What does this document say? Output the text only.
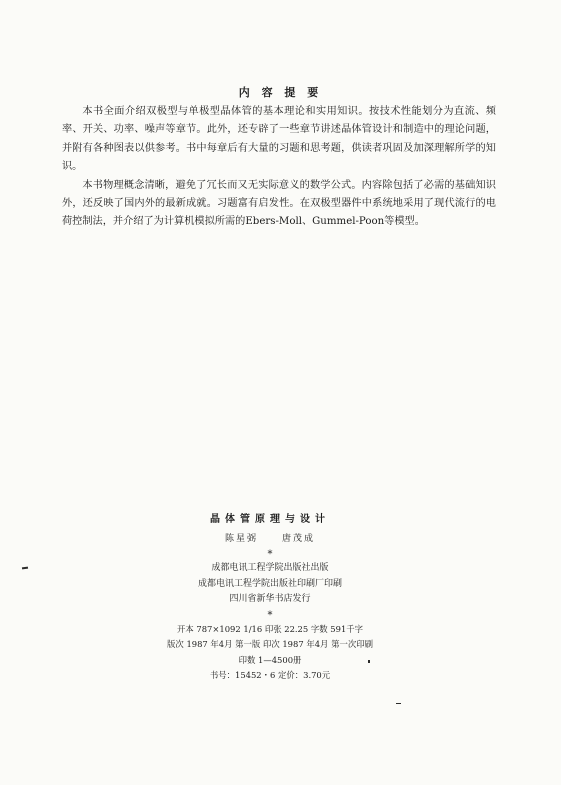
内 容 提 要

本书全面介绍双极型与单极型晶体管的基本理论和实用知识。按技术性能划分为直流、频率、开关、功率、噪声等章节。此外，还专辟了一些章节讲述晶体管设计和制造中的理论问题，并附有各种图表以供参考。书中每章后有大量的习题和思考题，供读者巩固及加深理解所学的知识。

本书物理概念清晰，避免了冗长而又无实际意义的数学公式。内容除包括了必需的基础知识外，还反映了国内外的最新成就。习题富有启发性。在双极型器件中系统地采用了现代流行的电荷控制法，并介绍了为计算机模拟所需的Ebers-Moll、Gummel-Poon等模型。

晶体管原理与设计
陈星弼	唐茂成
*
成都电讯工程学院出版社出版
成都电讯工程学院出版社印刷厂印刷
四川省新华书店发行
*
开本 787×1092 1/16 印张 22.25 字数 591千字
版次 1987 年4月 第一版 印次 1987 年4月 第一次印刷
印数 1—4500册
书号：15452・6 定价：3.70元
